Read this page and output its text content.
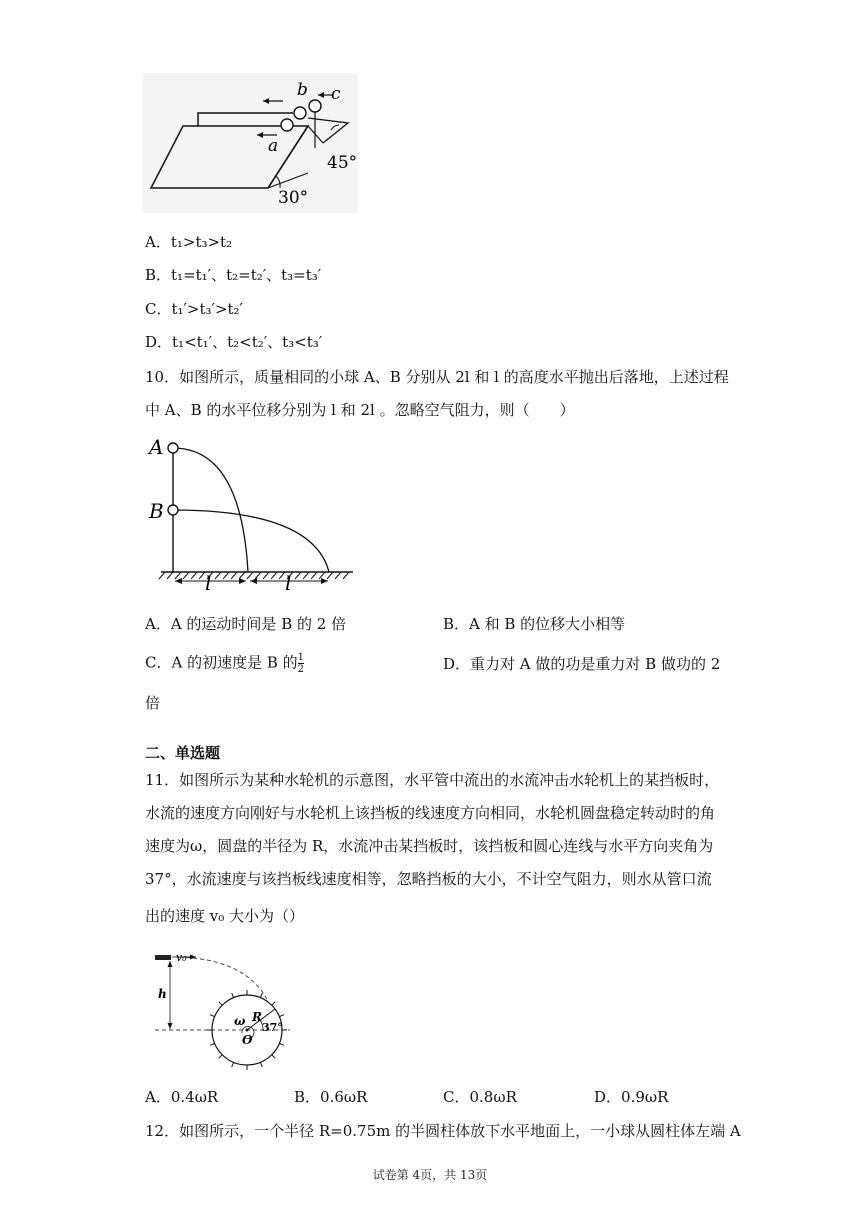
b c
a
30°
45°
A．t₁>t₃>t₂
B．t₁=t₁′、t₂=t₂′、t₃=t₃′
C．t₁′>t₃′>t₂′
D．t₁<t₁′、t₂<t₂′、t₃<t₃′
10．如图所示，质量相同的小球 A、B 分别从 2l 和 l 的高度水平抛出后落地，上述过程
中 A、B 的水平位移分别为 l 和 2l 。忽略空气阻力，则（　　）
A
B
l	l
A．A 的运动时间是 B 的 2 倍	B．A 和 B 的位移大小相等
C．A 的初速度是 B 的$\frac{1}{2}$	D．重力对 A 做的功是重力对 B 做功的 2
倍
二、单选题
11．如图所示为某种水轮机的示意图，水平管中流出的水流冲击水轮机上的某挡板时，
水流的速度方向刚好与水轮机上该挡板的线速度方向相同，水轮机圆盘稳定转动时的角
速度为ω，圆盘的半径为 R，水流冲击某挡板时，该挡板和圆心连线与水平方向夹角为
37°，水流速度与该挡板线速度相等，忽略挡板的大小，不计空气阻力，则水从管口流
出的速度 v₀ 大小为（）
v₀
h
ω R
O
37°
A．0.4ωR	B．0.6ωR	C．0.8ωR	D．0.9ωR
12．如图所示，一个半径 R=0.75m 的半圆柱体放下水平地面上，一小球从圆柱体左端 A
试卷第 4页，共 13页
